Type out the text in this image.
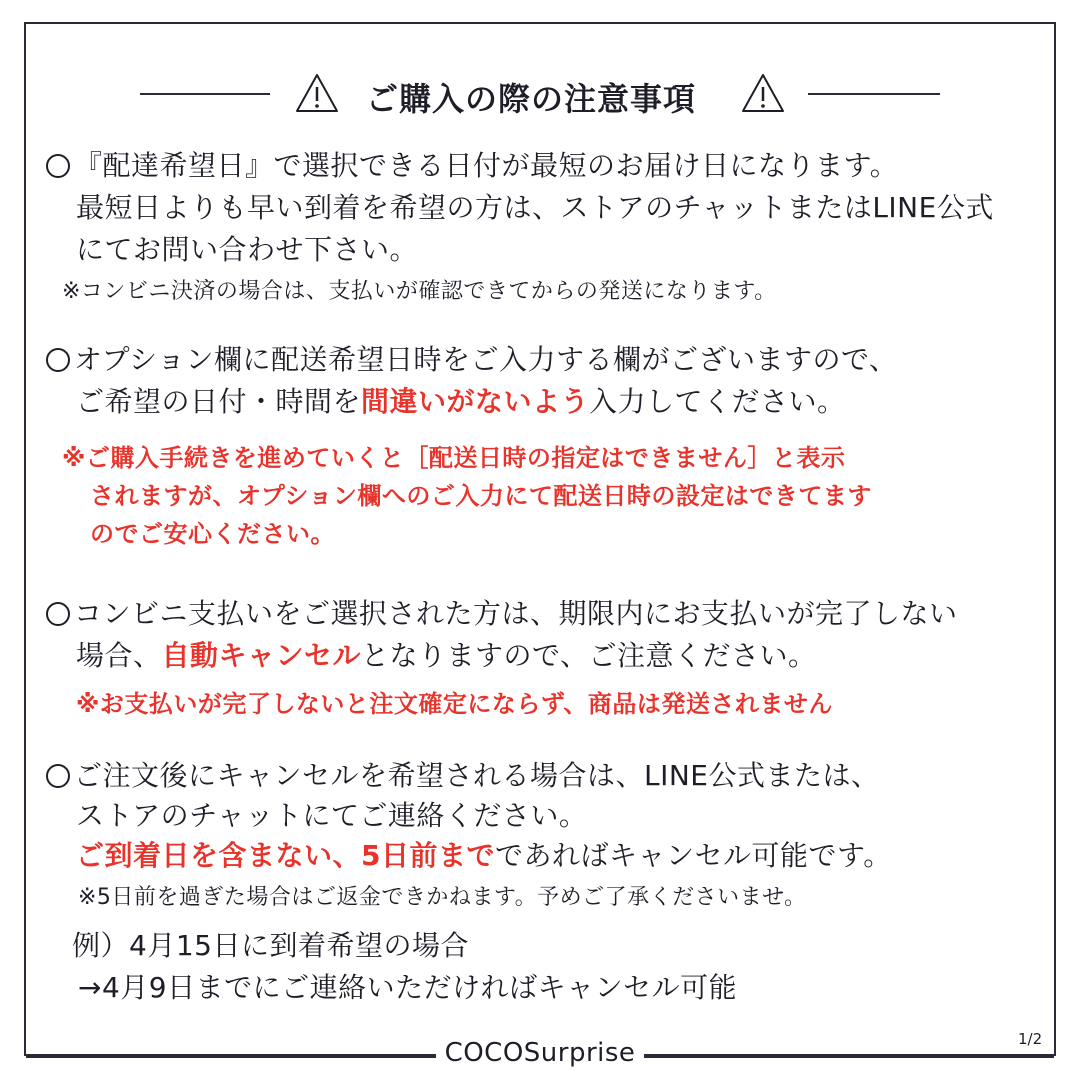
ご購入の際の注意事項
『配達希望日』で選択できる日付が最短のお届け日になります。
最短日よりも早い到着を希望の方は、ストアのチャットまたはLINE公式
にてお問い合わせ下さい。
※コンビニ決済の場合は、支払いが確認できてからの発送になります。
オプション欄に配送希望日時をご入力する欄がございますので、
ご希望の日付・時間を間違いがないよう入力してください。
※ご購入手続きを進めていくと［配送日時の指定はできません］と表示
されますが、オプション欄へのご入力にて配送日時の設定はできてます
のでご安心ください。
コンビニ支払いをご選択された方は、期限内にお支払いが完了しない
場合、自動キャンセルとなりますので、ご注意ください。
※お支払いが完了しないと注文確定にならず、商品は発送されません
ご注文後にキャンセルを希望される場合は、LINE公式または、
ストアのチャットにてご連絡ください。
ご到着日を含まない、5日前までであればキャンセル可能です。
※5日前を過ぎた場合はご返金できかねます。予めご了承くださいませ。
例）4月15日に到着希望の場合
→4月9日までにご連絡いただければキャンセル可能
COCOSurprise	1/2
